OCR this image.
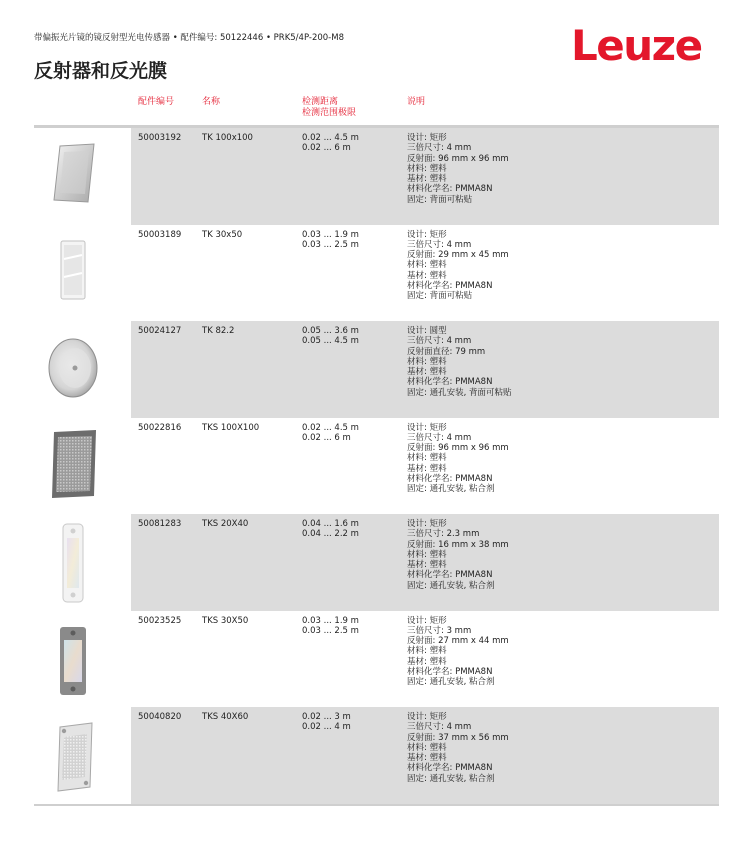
带偏振光片镜的镜反射型光电传感器 • 配件编号: 50122446 • PRK5/4P-200-M8	Leuze
反射器和反光膜
配件编号	名称	检测距离
检测范围极限
说明
50003192 TK 100x100	0.02 ... 4.5 m
0.02 ... 6 m
设计: 矩形
三倍尺寸: 4 mm
反射面: 96 mm x 96 mm
材料: 塑料
基材: 塑料
材料化学名: PMMA8N
固定: 背面可粘贴
50003189 TK 30x50	0.03 ... 1.9 m
0.03 ... 2.5 m
设计: 矩形
三倍尺寸: 4 mm
反射面: 29 mm x 45 mm
材料: 塑料
基材: 塑料
材料化学名: PMMA8N
固定: 背面可粘贴
50024127 TK 82.2	0.05 ... 3.6 m
0.05 ... 4.5 m
设计: 圆型
三倍尺寸: 4 mm
反射面直径: 79 mm
材料: 塑料
基材: 塑料
材料化学名: PMMA8N
固定: 通孔安装, 背面可粘贴
50022816 TKS 100X100	0.02 ... 4.5 m
0.02 ... 6 m
设计: 矩形
三倍尺寸: 4 mm
反射面: 96 mm x 96 mm
材料: 塑料
基材: 塑料
材料化学名: PMMA8N
固定: 通孔安装, 粘合剂
50081283 TKS 20X40	0.04 ... 1.6 m
0.04 ... 2.2 m
设计: 矩形
三倍尺寸: 2.3 mm
反射面: 16 mm x 38 mm
材料: 塑料
基材: 塑料
材料化学名: PMMA8N
固定: 通孔安装, 粘合剂
50023525 TKS 30X50	0.03 ... 1.9 m
0.03 ... 2.5 m
设计: 矩形
三倍尺寸: 3 mm
反射面: 27 mm x 44 mm
材料: 塑料
基材: 塑料
材料化学名: PMMA8N
固定: 通孔安装, 粘合剂
50040820 TKS 40X60	0.02 ... 3 m
0.02 ... 4 m
设计: 矩形
三倍尺寸: 4 mm
反射面: 37 mm x 56 mm
材料: 塑料
基材: 塑料
材料化学名: PMMA8N
固定: 通孔安装, 粘合剂
